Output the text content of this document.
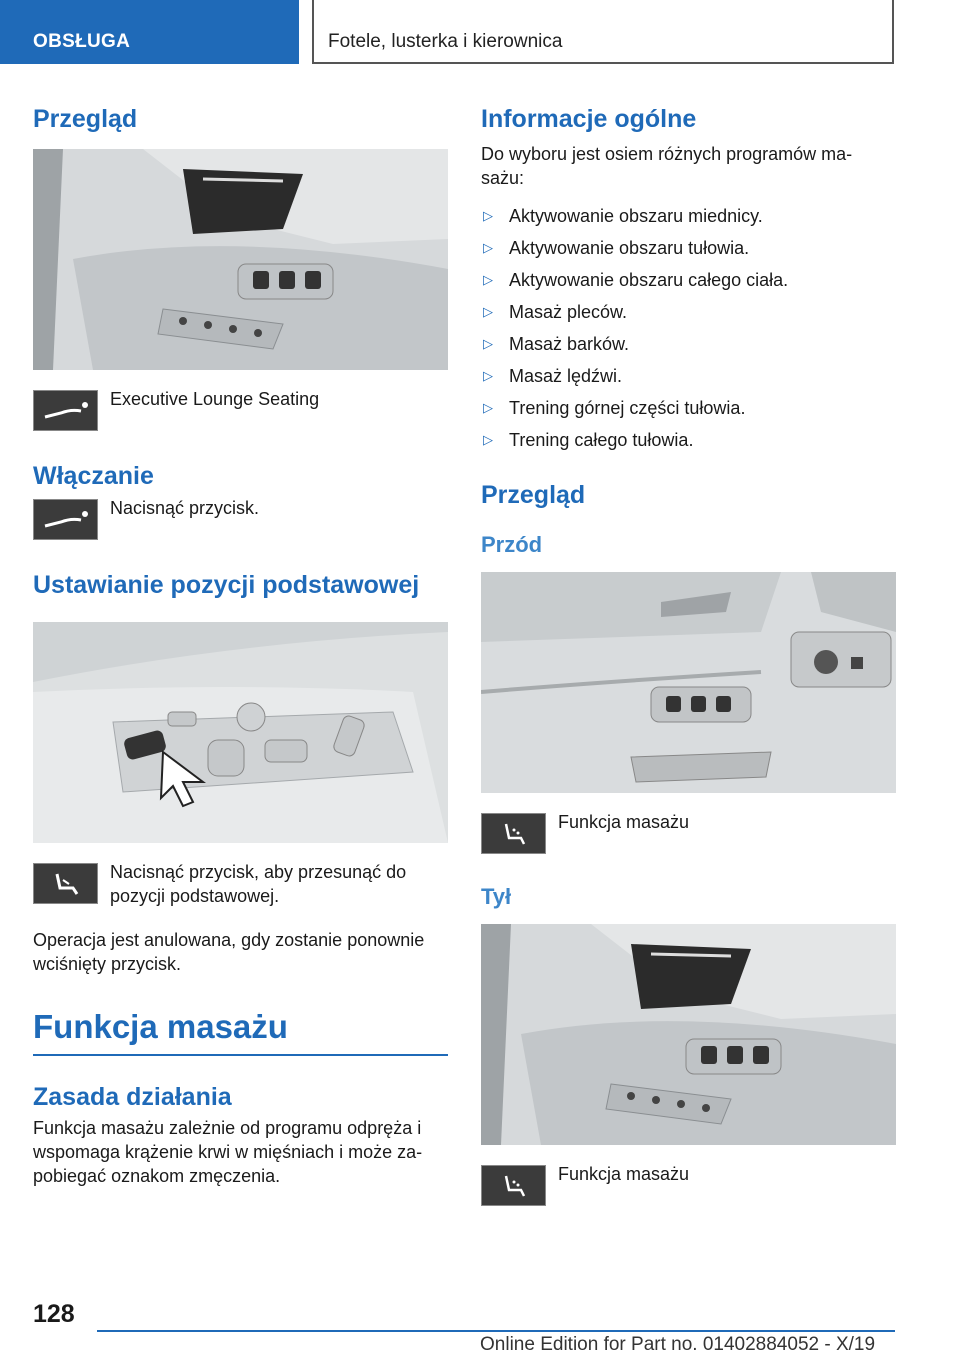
OBSŁUGA	Fotele, lusterka i kierownica
Przegląd
Executive Lounge Seating
Włączanie
Nacisnąć przycisk.
Ustawianie pozycji podstawowej
Nacisnąć przycisk, aby przesunąć do
pozycji podstawowej.

Operacja jest anulowana, gdy zostanie ponownie
wciśnięty przycisk.

Funkcja masażu
Zasada działania

Funkcja masażu zależnie od programu odpręża i
wspomaga krążenie krwi w mięśniach i może za-
pobiegać oznakom zmęczenia.

Informacje ogólne

Do wyboru jest osiem różnych programów ma-
sażu:

▷ Aktywowanie obszaru miednicy.
▷ Aktywowanie obszaru tułowia.
▷ Aktywowanie obszaru całego ciała.
▷ Masaż pleców.
▷ Masaż barków.
▷ Masaż lędźwi.
▷ Trening górnej części tułowia.
▷ Trening całego tułowia.
Przegląd
Przód
Funkcja masażu
Tył
Funkcja masażu
128
Online Edition for Part no. 01402884052 - X/19
